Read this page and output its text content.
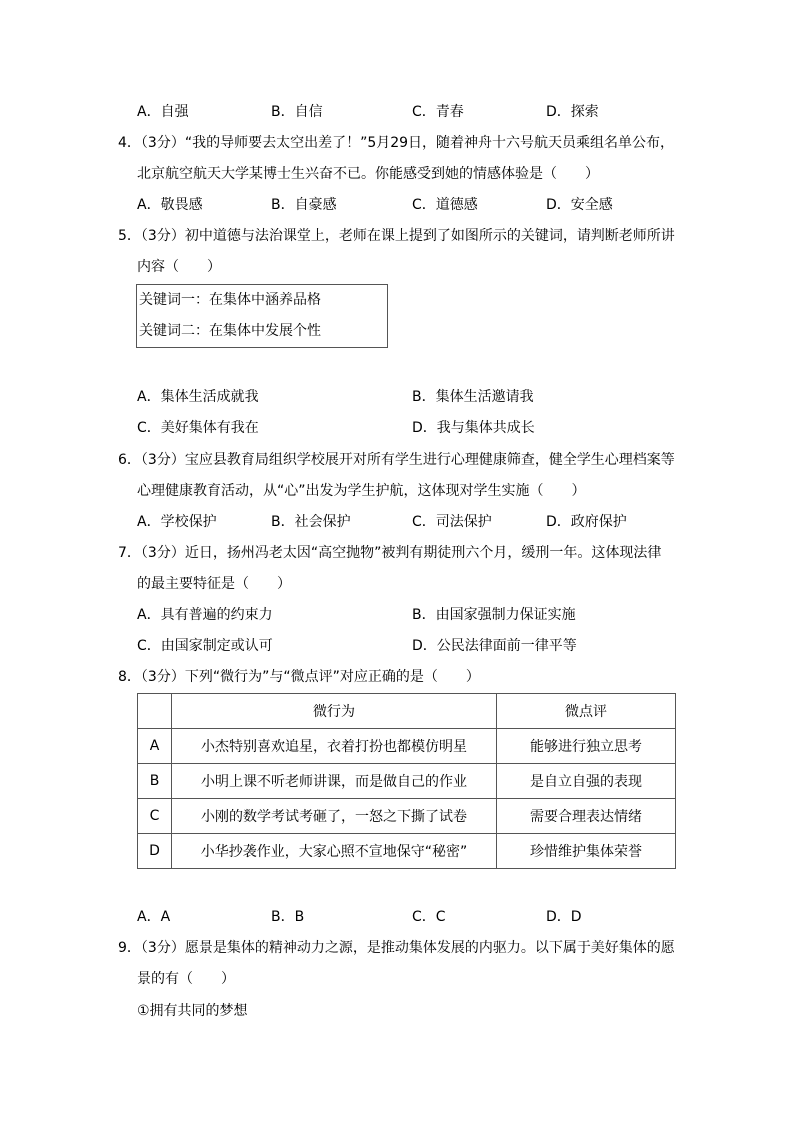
A．自强	B．自信	C．青春	D．探索
4．（3分）“我的导师要去太空出差了！”5月29日，随着神舟十六号航天员乘组名单公布，
北京航空航天大学某博士生兴奋不已。你能感受到她的情感体验是（　　）
A．敬畏感	B．自豪感	C．道德感	D．安全感
5．（3分）初中道德与法治课堂上，老师在课上提到了如图所示的关键词，请判断老师所讲
内容（　　）
关键词一：在集体中涵养品格
关键词二：在集体中发展个性
A．集体生活成就我	B．集体生活邀请我
C．美好集体有我在	D．我与集体共成长
6．（3分）宝应县教育局组织学校展开对所有学生进行心理健康筛查，健全学生心理档案等
心理健康教育活动，从“心”出发为学生护航，这体现对学生实施（　　）
A．学校保护	B．社会保护	C．司法保护	D．政府保护
7．（3分）近日，扬州冯老太因“高空抛物”被判有期徒刑六个月，缓刑一年。这体现法律
的最主要特征是（　　）
A．具有普遍的约束力	B．由国家强制力保证实施
C．由国家制定或认可	D．公民法律面前一律平等
8．（3分）下列“微行为”与“微点评”对应正确的是（　　）
	微行为	微点评
A	小杰特别喜欢追星，衣着打扮也都模仿明星	能够进行独立思考
B	小明上课不听老师讲课，而是做自己的作业	是自立自强的表现
C	小刚的数学考试考砸了，一怒之下撕了试卷	需要合理表达情绪
D	小华抄袭作业，大家心照不宣地保守“秘密”	珍惜维护集体荣誉
A．A	B．B	C．C	D．D
9．（3分）愿景是集体的精神动力之源，是推动集体发展的内驱力。以下属于美好集体的愿
景的有（　　）
①拥有共同的梦想
